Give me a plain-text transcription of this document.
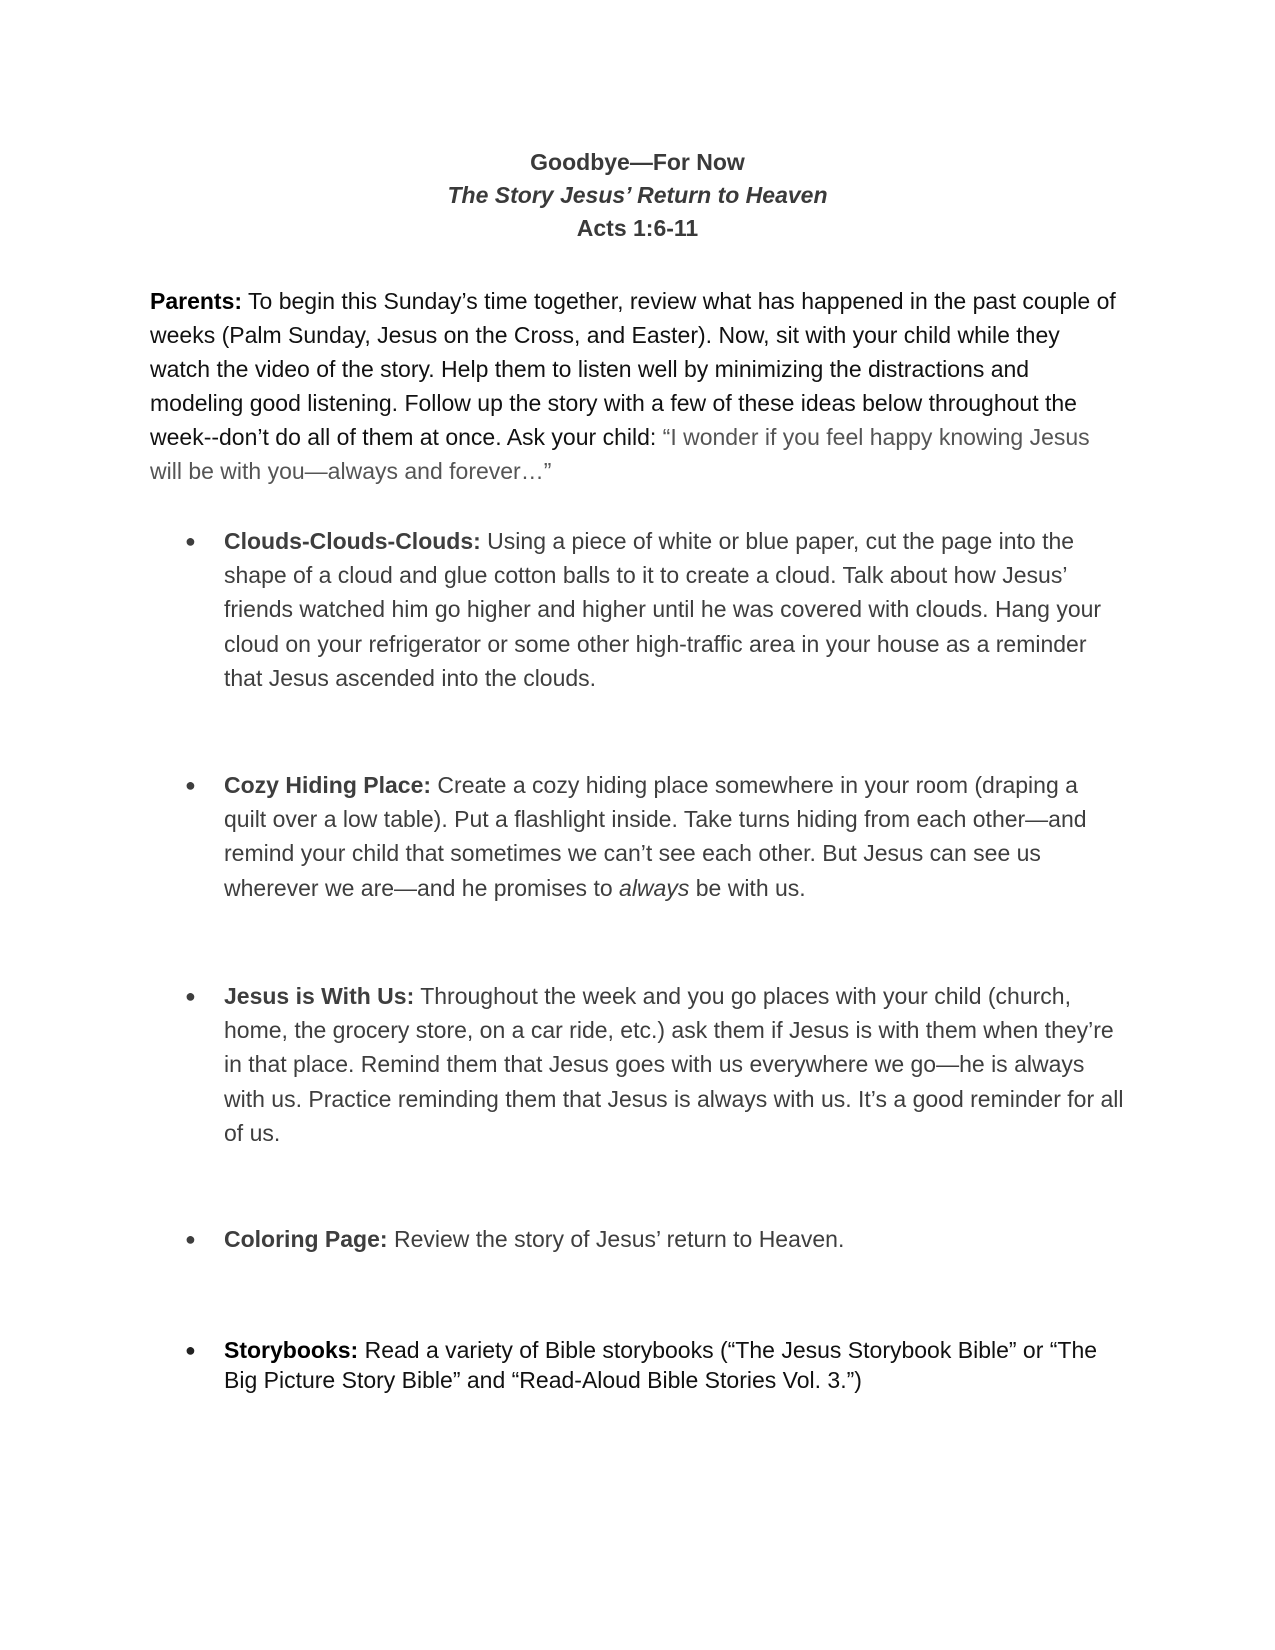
Goodbye—For Now
The Story Jesus’ Return to Heaven
Acts 1:6-11
Parents: To begin this Sunday’s time together, review what has happened in the past couple of weeks (Palm Sunday, Jesus on the Cross, and Easter). Now, sit with your child while they watch the video of the story. Help them to listen well by minimizing the distractions and modeling good listening. Follow up the story with a few of these ideas below throughout the week--don’t do all of them at once. Ask your child: “I wonder if you feel happy knowing Jesus will be with you—always and forever…”
● Clouds-Clouds-Clouds: Using a piece of white or blue paper, cut the page into the shape of a cloud and glue cotton balls to it to create a cloud. Talk about how Jesus’ friends watched him go higher and higher until he was covered with clouds. Hang your cloud on your refrigerator or some other high-traffic area in your house as a reminder that Jesus ascended into the clouds.
● Cozy Hiding Place: Create a cozy hiding place somewhere in your room (draping a quilt over a low table). Put a flashlight inside. Take turns hiding from each other—and remind your child that sometimes we can’t see each other. But Jesus can see us wherever we are—and he promises to always be with us.
● Jesus is With Us: Throughout the week and you go places with your child (church, home, the grocery store, on a car ride, etc.) ask them if Jesus is with them when they’re in that place. Remind them that Jesus goes with us everywhere we go—he is always with us. Practice reminding them that Jesus is always with us. It’s a good reminder for all of us.
● Coloring Page: Review the story of Jesus’ return to Heaven.
● Storybooks: Read a variety of Bible storybooks (“The Jesus Storybook Bible” or “The Big Picture Story Bible” and “Read-Aloud Bible Stories Vol. 3.”)
